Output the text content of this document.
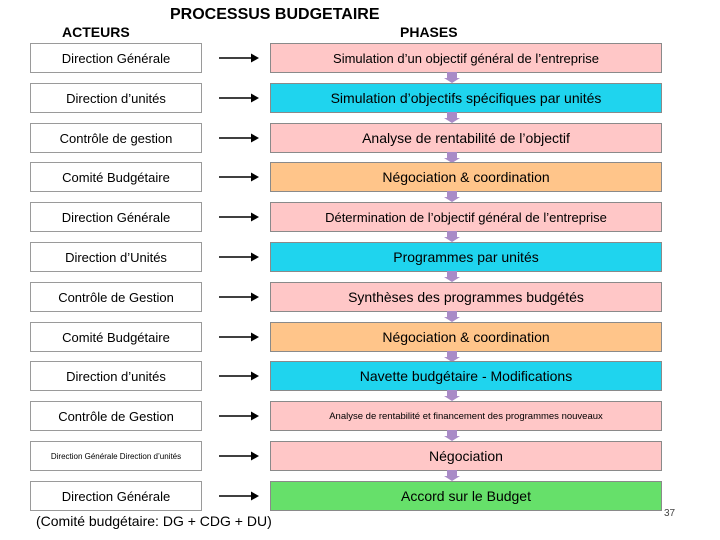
PROCESSUS BUDGETAIRE
ACTEURS	PHASES
Direction Générale	Simulation d’un objectif général de l’entreprise
Direction d’unités	Simulation d’objectifs spécifiques par unités
Contrôle de gestion	Analyse de rentabilité de l’objectif
Comité Budgétaire	Négociation & coordination
Direction Générale	Détermination de l’objectif général de l’entreprise
Direction d’Unités	Programmes par unités
Contrôle de Gestion	Synthèses des programmes budgétés
Comité Budgétaire	Négociation & coordination
Direction d’unités	Navette budgétaire - Modifications
Contrôle de Gestion	Analyse de rentabilité et financement des programmes nouveaux
Direction Générale Direction d’unités	Négociation
Direction Générale	Accord sur le Budget
(Comité budgétaire: DG + CDG + DU)	37
